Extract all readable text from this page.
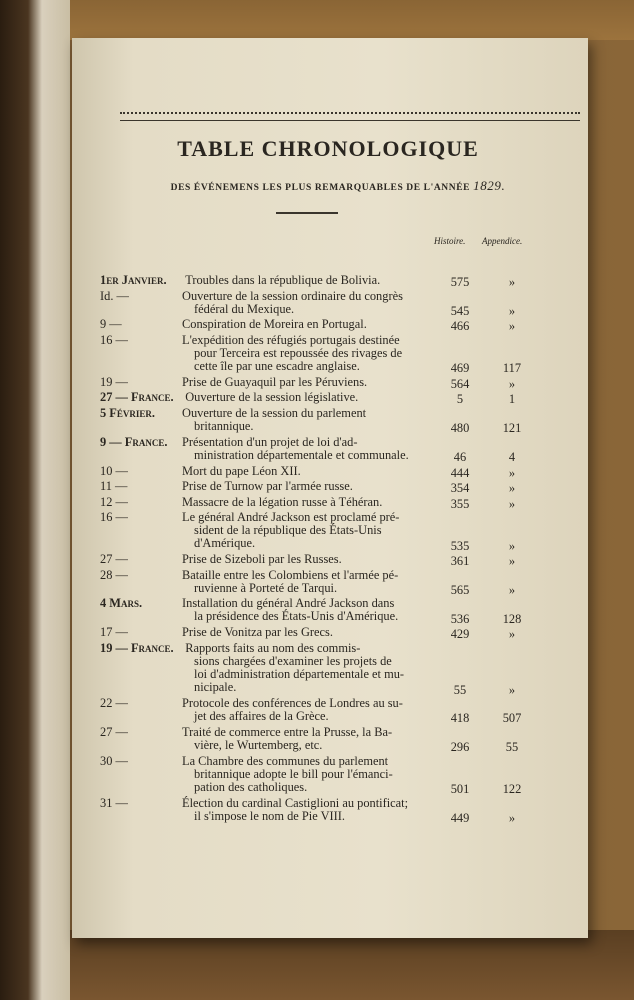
TABLE CHRONOLOGIQUE
DES ÉVÉNEMENS LES PLUS REMARQUABLES DE L'ANNÉE 1829.
Histoire. Appendice.
1er Janvier.	Troubles dans la république de Bolivia.	575	»
Id. —	Ouverture de la session ordinaire du congrès
fédéral du Mexique.	545	»
9 —	Conspiration de Moreira en Portugal.	466	»
16 —	L'expédition des réfugiés portugais destinée
pour Terceira est repoussée des rivages de
cette île par une escadre anglaise.	469	117
19 —	Prise de Guayaquil par les Péruviens.	564	»
27 — France. Ouverture de la session législative.	5	1
5 Février.	Ouverture de la session du parlement
britannique.	480	121
9 — France.	Présentation d'un projet de loi d'ad-
ministration départementale et communale.	46	4
10 —	Mort du pape Léon XII.	444	»
11 —	Prise de Turnow par l'armée russe.	354	»
12 —	Massacre de la légation russe à Téhéran.	355	»
16 —	Le général André Jackson est proclamé pré-
sident de la république des États-Unis
d'Amérique.	535	»
27 —	Prise de Sizeboli par les Russes.	361	»
28 —	Bataille entre les Colombiens et l'armée pé-
ruvienne à Porteté de Tarqui.	565	»
4 Mars.	Installation du général André Jackson dans
la présidence des États-Unis d'Amérique.	536	128
17 —	Prise de Vonitza par les Grecs.	429	»
19 — France. Rapports faits au nom des commis-
sions chargées d'examiner les projets de
loi d'administration départementale et mu-
nicipale.	55	»
22 —	Protocole des conférences de Londres au su-
jet des affaires de la Grèce.	418	507
27 —	Traité de commerce entre la Prusse, la Ba-
vière, le Wurtemberg, etc.	296	55
30 —	La Chambre des communes du parlement
britannique adopte le bill pour l'émanci-
pation des catholiques.	501	122
31 —	Élection du cardinal Castiglioni au pontificat;
il s'impose le nom de Pie VIII.	449	»
